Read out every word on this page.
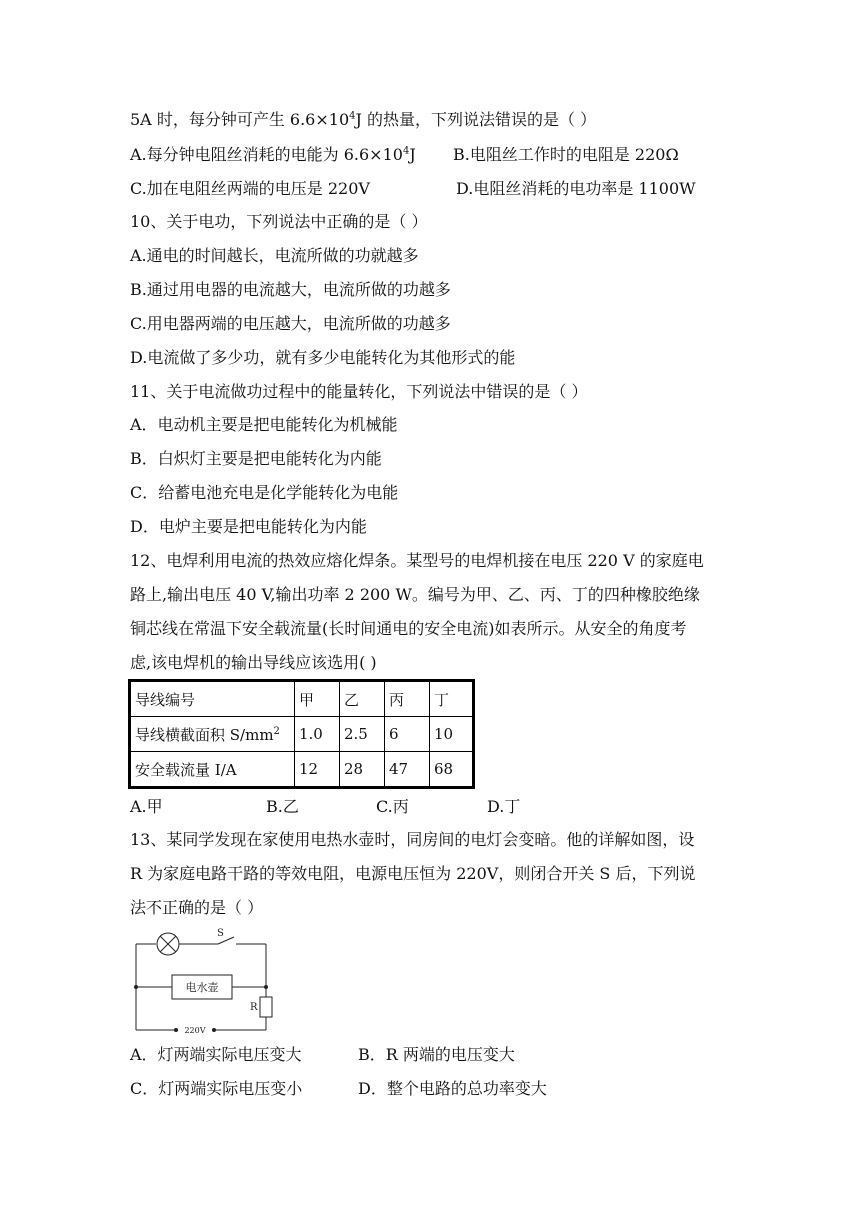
5A 时，每分钟可产生 $6.6\times 10^4J$ 的热量，下列说法错误的是（ ）
A.每分钟电阻丝消耗的电能为 $6.6\times 10^4J$ B.电阻丝工作时的电阻是 220Ω
C.加在电阻丝两端的电压是 220V	D.电阻丝消耗的电功率是 1100W
10、关于电功，下列说法中正确的是（ ）
A.通电的时间越长，电流所做的功就越多
B.通过用电器的电流越大，电流所做的功越多
C.用电器两端的电压越大，电流所做的功越多
D.电流做了多少功，就有多少电能转化为其他形式的能
11、关于电流做功过程中的能量转化，下列说法中错误的是（ ）
A．电动机主要是把电能转化为机械能
B．白炽灯主要是把电能转化为内能
C．给蓄电池充电是化学能转化为电能
D．电炉主要是把电能转化为内能
12、电焊利用电流的热效应熔化焊条。某型号的电焊机接在电压 220 V 的家庭电
路上,输出电压 40 V,输出功率 2 200 W。编号为甲、乙、丙、丁的四种橡胶绝缘
铜芯线在常温下安全载流量(长时间通电的安全电流)如表所示。从安全的角度考
虑,该电焊机的输出导线应该选用( )
导线编号	甲	乙	丙	丁
导线横截面积 $S/mm^2$	1.0	2.5	6	10
安全载流量 I/A	12	28	47	68
A.甲	B.乙	C.丙	D.丁
13、某同学发现在家使用电热水壶时，同房间的电灯会变暗。他的详解如图，设
R 为家庭电路干路的等效电阻，电源电压恒为 220V，则闭合开关 S 后，下列说
法不正确的是（ ）
S
电水壶
R
220V
A．灯两端实际电压变大	B．R 两端的电压变大
C．灯两端实际电压变小	D．整个电路的总功率变大
